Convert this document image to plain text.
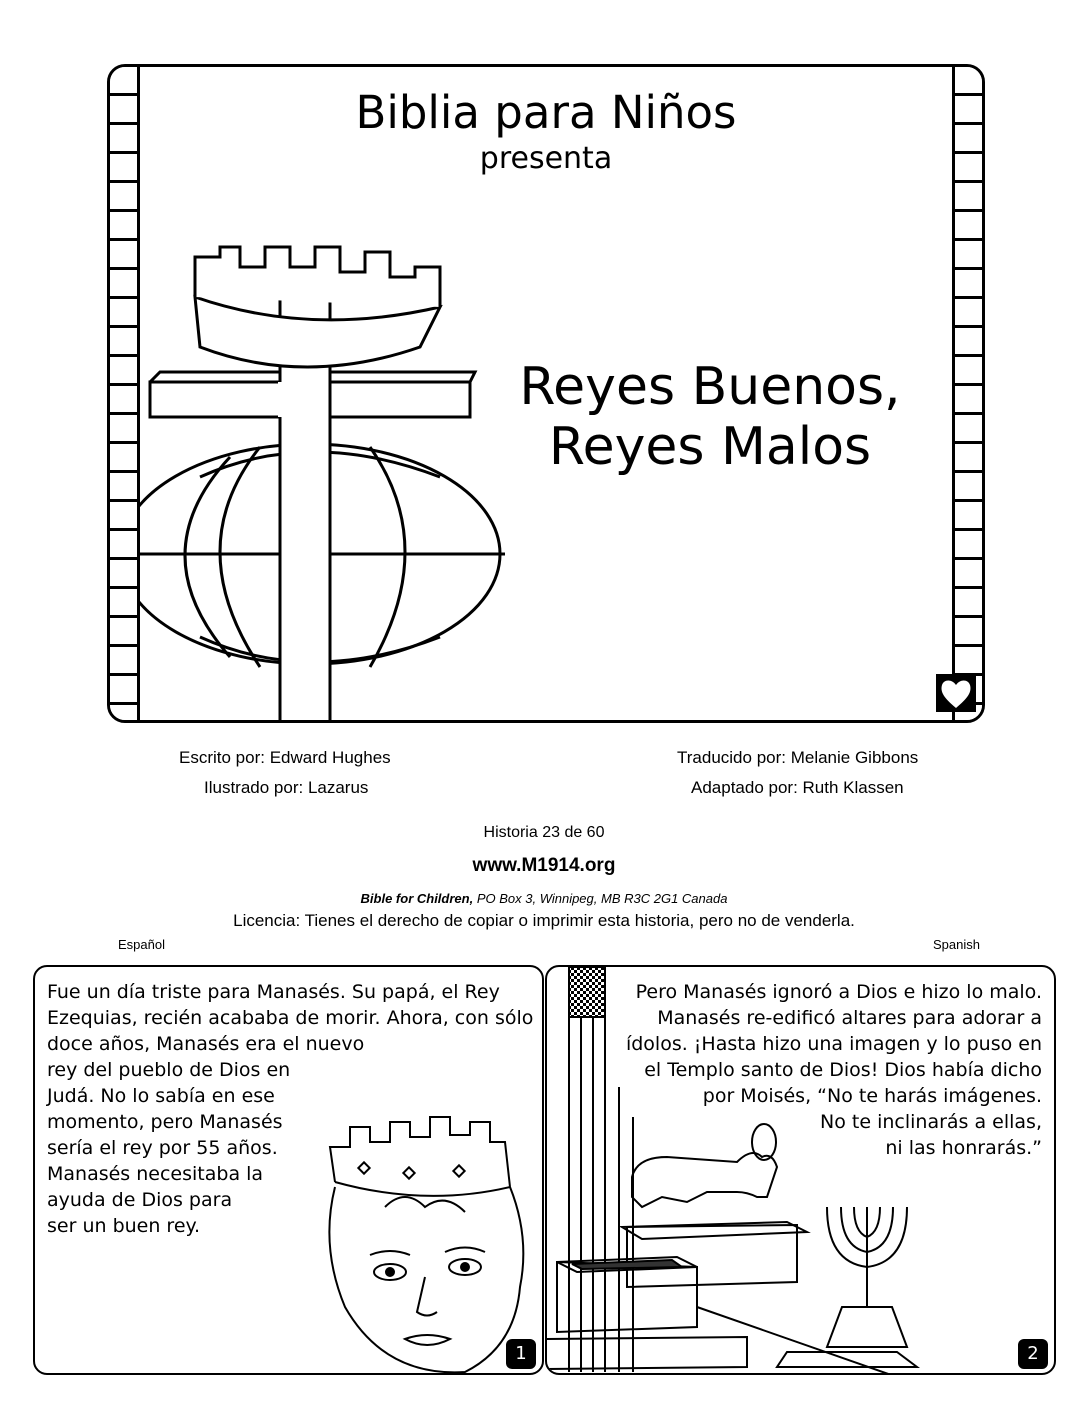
Biblia para Niños
presenta
Reyes Buenos,
Reyes Malos
Escrito por: Edward Hughes
Ilustrado por: Lazarus
Traducido por: Melanie Gibbons
Adaptado por: Ruth Klassen
Historia 23 de 60
www.M1914.org
Bible for Children, PO Box 3, Winnipeg, MB R3C 2G1 Canada
Licencia: Tienes el derecho de copiar o imprimir esta historia, pero no de venderla.
Español	Spanish
Fue un día triste para Manasés. Su papá, el Rey
Ezequias, recién acababa de morir. Ahora, con sólo
doce años, Manasés era el nuevo
rey del pueblo de Dios en
Judá. No lo sabía en ese
momento, pero Manasés
sería el rey por 55 años.
Manasés necesitaba la
ayuda de Dios para
ser un buen rey.
1
Pero Manasés ignoró a Dios e hizo lo malo.
Manasés re-edificó altares para adorar a
ídolos. ¡Hasta hizo una imagen y lo puso en
el Templo santo de Dios! Dios había dicho
por Moisés, “No te harás imágenes.
No te inclinarás a ellas,
ni las honrarás.”
2
